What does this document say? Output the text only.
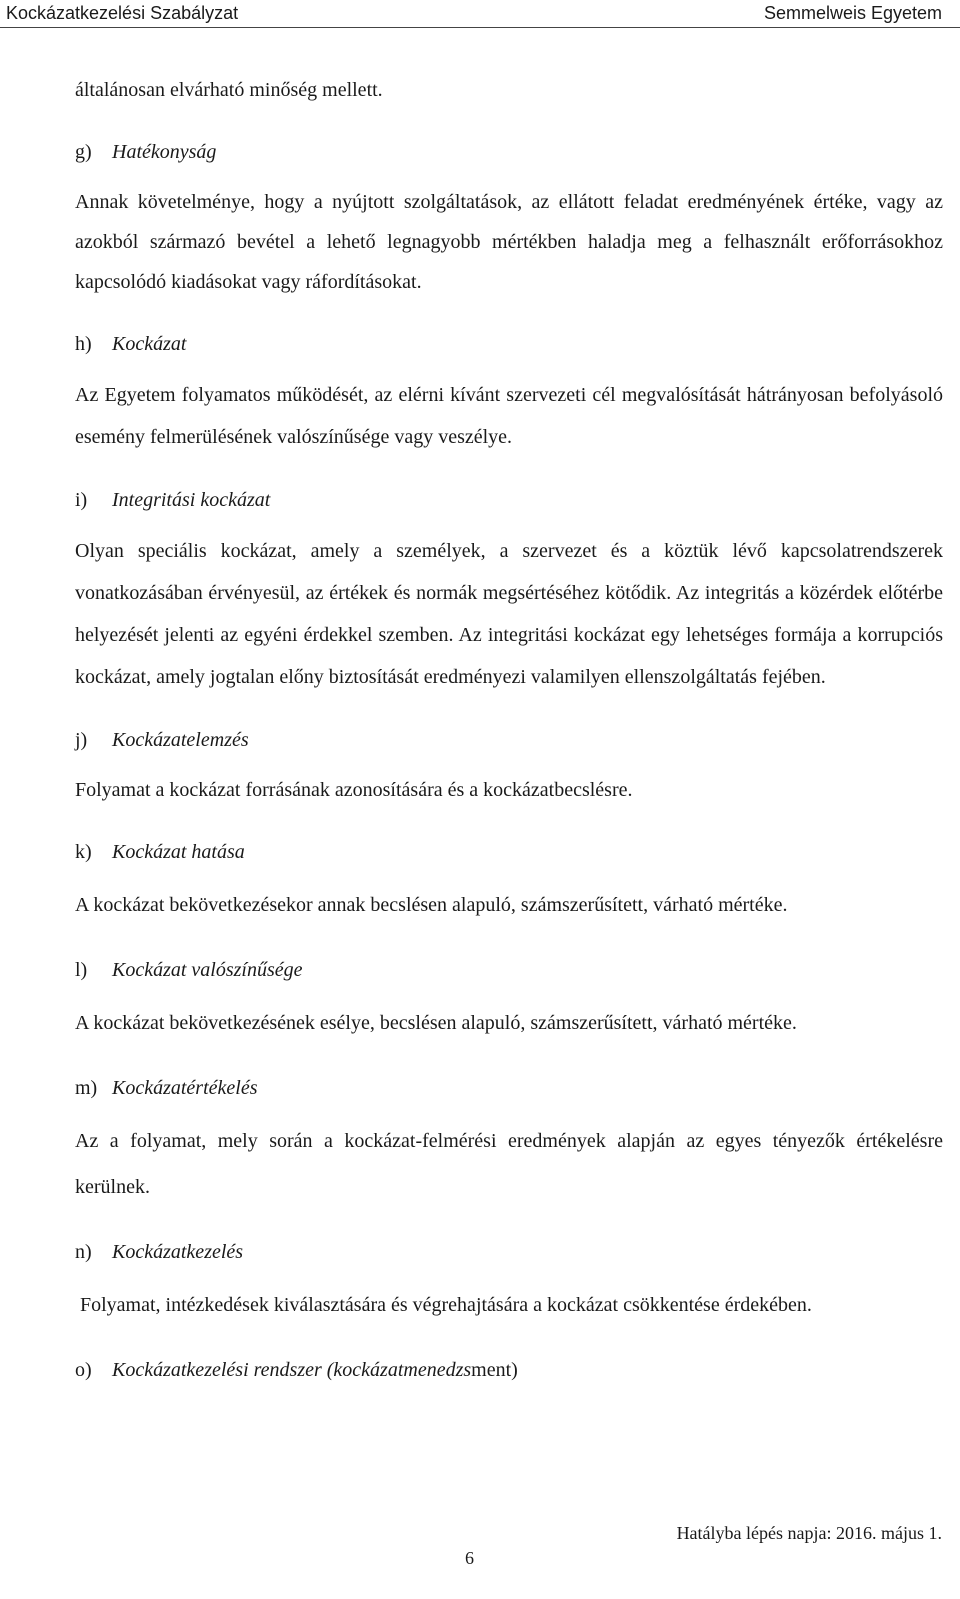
Kockázatkezelési Szabályzat	Semmelweis Egyetem

általánosan elvárható minőség mellett.

g) Hatékonyság

Annak követelménye, hogy a nyújtott szolgáltatások, az ellátott feladat eredményének értéke, vagy az azokból származó bevétel a lehető legnagyobb mértékben haladja meg a felhasznált erőforrásokhoz kapcsolódó kiadásokat vagy ráfordításokat.

h) Kockázat

Az Egyetem folyamatos működését, az elérni kívánt szervezeti cél megvalósítását hátrányosan befolyásoló esemény felmerülésének valószínűsége vagy veszélye.

i) Integritási kockázat

Olyan speciális kockázat, amely a személyek, a szervezet és a köztük lévő kapcsolatrendszerek vonatkozásában érvényesül, az értékek és normák megsértéséhez kötődik. Az integritás a közérdek előtérbe helyezését jelenti az egyéni érdekkel szemben. Az integritási kockázat egy lehetséges formája a korrupciós kockázat, amely jogtalan előny biztosítását eredményezi valamilyen ellenszolgáltatás fejében.

j) Kockázatelemzés

Folyamat a kockázat forrásának azonosítására és a kockázatbecslésre.

k) Kockázat hatása

A kockázat bekövetkezésekor annak becslésen alapuló, számszerűsített, várható mértéke.

l) Kockázat valószínűsége

A kockázat bekövetkezésének esélye, becslésen alapuló, számszerűsített, várható mértéke.

m) Kockázatértékelés

Az a folyamat, mely során a kockázat-felmérési eredmények alapján az egyes tényezők értékelésre kerülnek.

n) Kockázatkezelés

Folyamat, intézkedések kiválasztására és végrehajtására a kockázat csökkentése érdekében.

o) Kockázatkezelési rendszer (kockázatmenedzsment)

Hatályba lépés napja: 2016. május 1.
6
